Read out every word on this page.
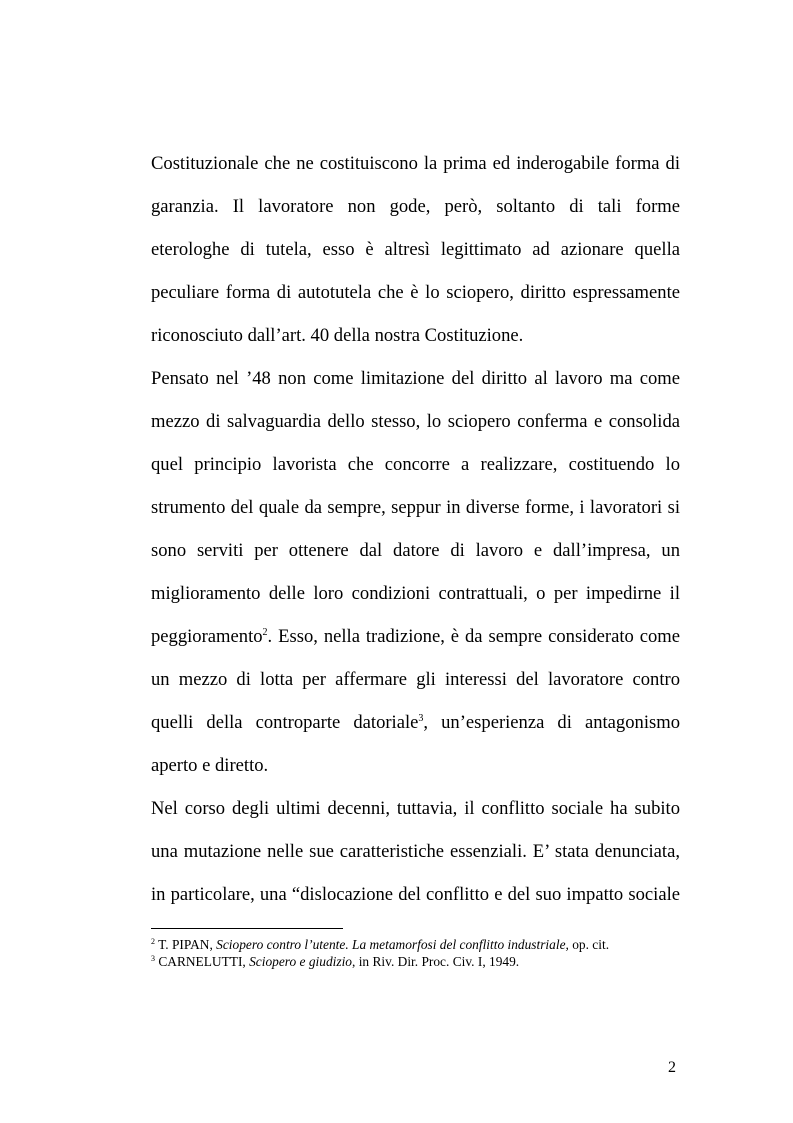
Costituzionale che ne costituiscono la prima ed inderogabile forma di
garanzia. Il lavoratore non gode, però, soltanto di tali forme
eterologhe di tutela, esso è altresì legittimato ad azionare quella
peculiare forma di autotutela che è lo sciopero, diritto espressamente
riconosciuto dall’art. 40 della nostra Costituzione.
Pensato nel ’48 non come limitazione del diritto al lavoro ma come
mezzo di salvaguardia dello stesso, lo sciopero conferma e consolida
quel principio lavorista che concorre a realizzare, costituendo lo
strumento del quale da sempre, seppur in diverse forme, i lavoratori si
sono serviti per ottenere dal datore di lavoro e dall’impresa, un
miglioramento delle loro condizioni contrattuali, o per impedirne il
peggioramento$^2$. Esso, nella tradizione, è da sempre considerato come
un mezzo di lotta per affermare gli interessi del lavoratore contro
quelli della controparte datoriale$^3$, un’esperienza di antagonismo
aperto e diretto.
Nel corso degli ultimi decenni, tuttavia, il conflitto sociale ha subito
una mutazione nelle sue caratteristiche essenziali. E’ stata denunciata,
in particolare, una “dislocazione del conflitto e del suo impatto sociale
$^2$ T. PIPAN, Sciopero contro l’utente. La metamorfosi del conflitto industriale, op. cit.
$^3$ CARNELUTTI, Sciopero e giudizio, in Riv. Dir. Proc. Civ. I, 1949.
2
